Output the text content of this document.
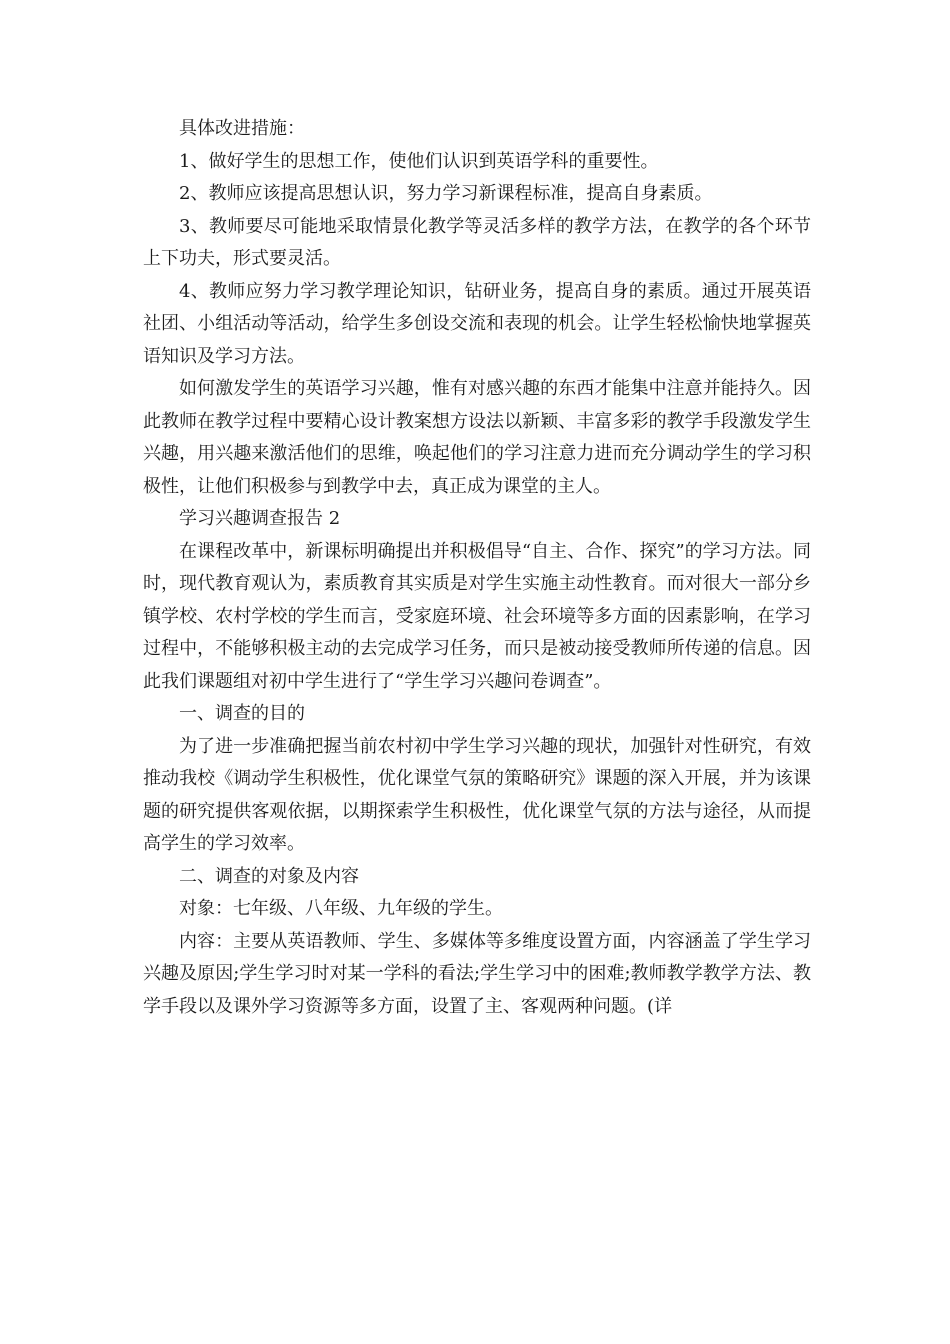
具体改进措施：

1、做好学生的思想工作，使他们认识到英语学科的重要性。

2、教师应该提高思想认识，努力学习新课程标准，提高自身素质。

3、教师要尽可能地采取情景化教学等灵活多样的教学方法，在教学的各个环节上下功夫，形式要灵活。

4、教师应努力学习教学理论知识，钻研业务，提高自身的素质。通过开展英语社团、小组活动等活动，给学生多创设交流和表现的机会。让学生轻松愉快地掌握英语知识及学习方法。

如何激发学生的英语学习兴趣，惟有对感兴趣的东西才能集中注意并能持久。因此教师在教学过程中要精心设计教案想方设法以新颖、丰富多彩的教学手段激发学生兴趣，用兴趣来激活他们的思维，唤起他们的学习注意力进而充分调动学生的学习积极性，让他们积极参与到教学中去，真正成为课堂的主人。

学习兴趣调查报告 2

在课程改革中，新课标明确提出并积极倡导“自主、合作、探究”的学习方法。同时，现代教育观认为，素质教育其实质是对学生实施主动性教育。而对很大一部分乡镇学校、农村学校的学生而言，受家庭环境、社会环境等多方面的因素影响，在学习过程中，不能够积极主动的去完成学习任务，而只是被动接受教师所传递的信息。因此我们课题组对初中学生进行了“学生学习兴趣问卷调查”。

一、调查的目的

为了进一步准确把握当前农村初中学生学习兴趣的现状，加强针对性研究，有效推动我校《调动学生积极性，优化课堂气氛的策略研究》课题的深入开展，并为该课题的研究提供客观依据，以期探索学生积极性，优化课堂气氛的方法与途径，从而提高学生的学习效率。

二、调查的对象及内容

对象：七年级、八年级、九年级的学生。

内容：主要从英语教师、学生、多媒体等多维度设置方面，内容涵盖了学生学习兴趣及原因;学生学习时对某一学科的看法;学生学习中的困难;教师教学教学方法、教学手段以及课外学习资源等多方面，设置了主、客观两种问题。(详
